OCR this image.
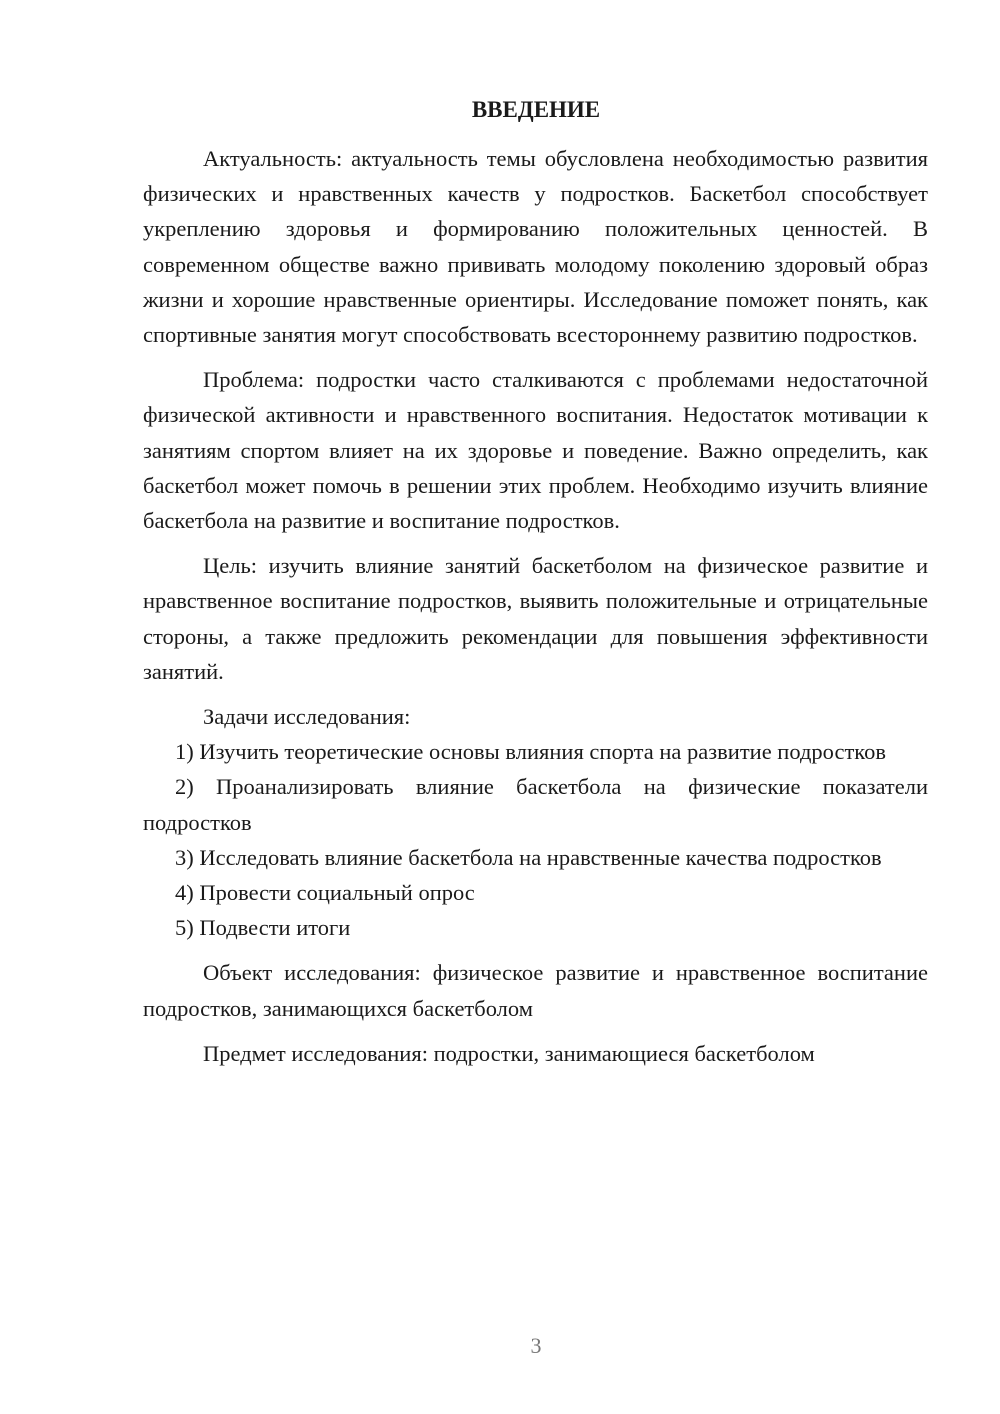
ВВЕДЕНИЕ

Актуальность: актуальность темы обусловлена необходимостью развития физических и нравственных качеств у подростков. Баскетбол способствует укреплению здоровья и формированию положительных ценностей. В современном обществе важно прививать молодому поколению здоровый образ жизни и хорошие нравственные ориентиры. Исследование поможет понять, как спортивные занятия могут способствовать всестороннему развитию подростков.

Проблема: подростки часто сталкиваются с проблемами недостаточной физической активности и нравственного воспитания. Недостаток мотивации к занятиям спортом влияет на их здоровье и поведение. Важно определить, как баскетбол может помочь в решении этих проблем. Необходимо изучить влияние баскетбола на развитие и воспитание подростков.

Цель: изучить влияние занятий баскетболом на физическое развитие и нравственное воспитание подростков, выявить положительные и отрицательные стороны, а также предложить рекомендации для повышения эффективности занятий.

Задачи исследования:

1) Изучить теоретические основы влияния спорта на развитие подростков

2) Проанализировать влияние баскетбола на физические показатели подростков

3) Исследовать влияние баскетбола на нравственные качества подростков

4) Провести социальный опрос

5) Подвести итоги

Объект исследования: физическое развитие и нравственное воспитание подростков, занимающихся баскетболом

Предмет исследования: подростки, занимающиеся баскетболом

3
